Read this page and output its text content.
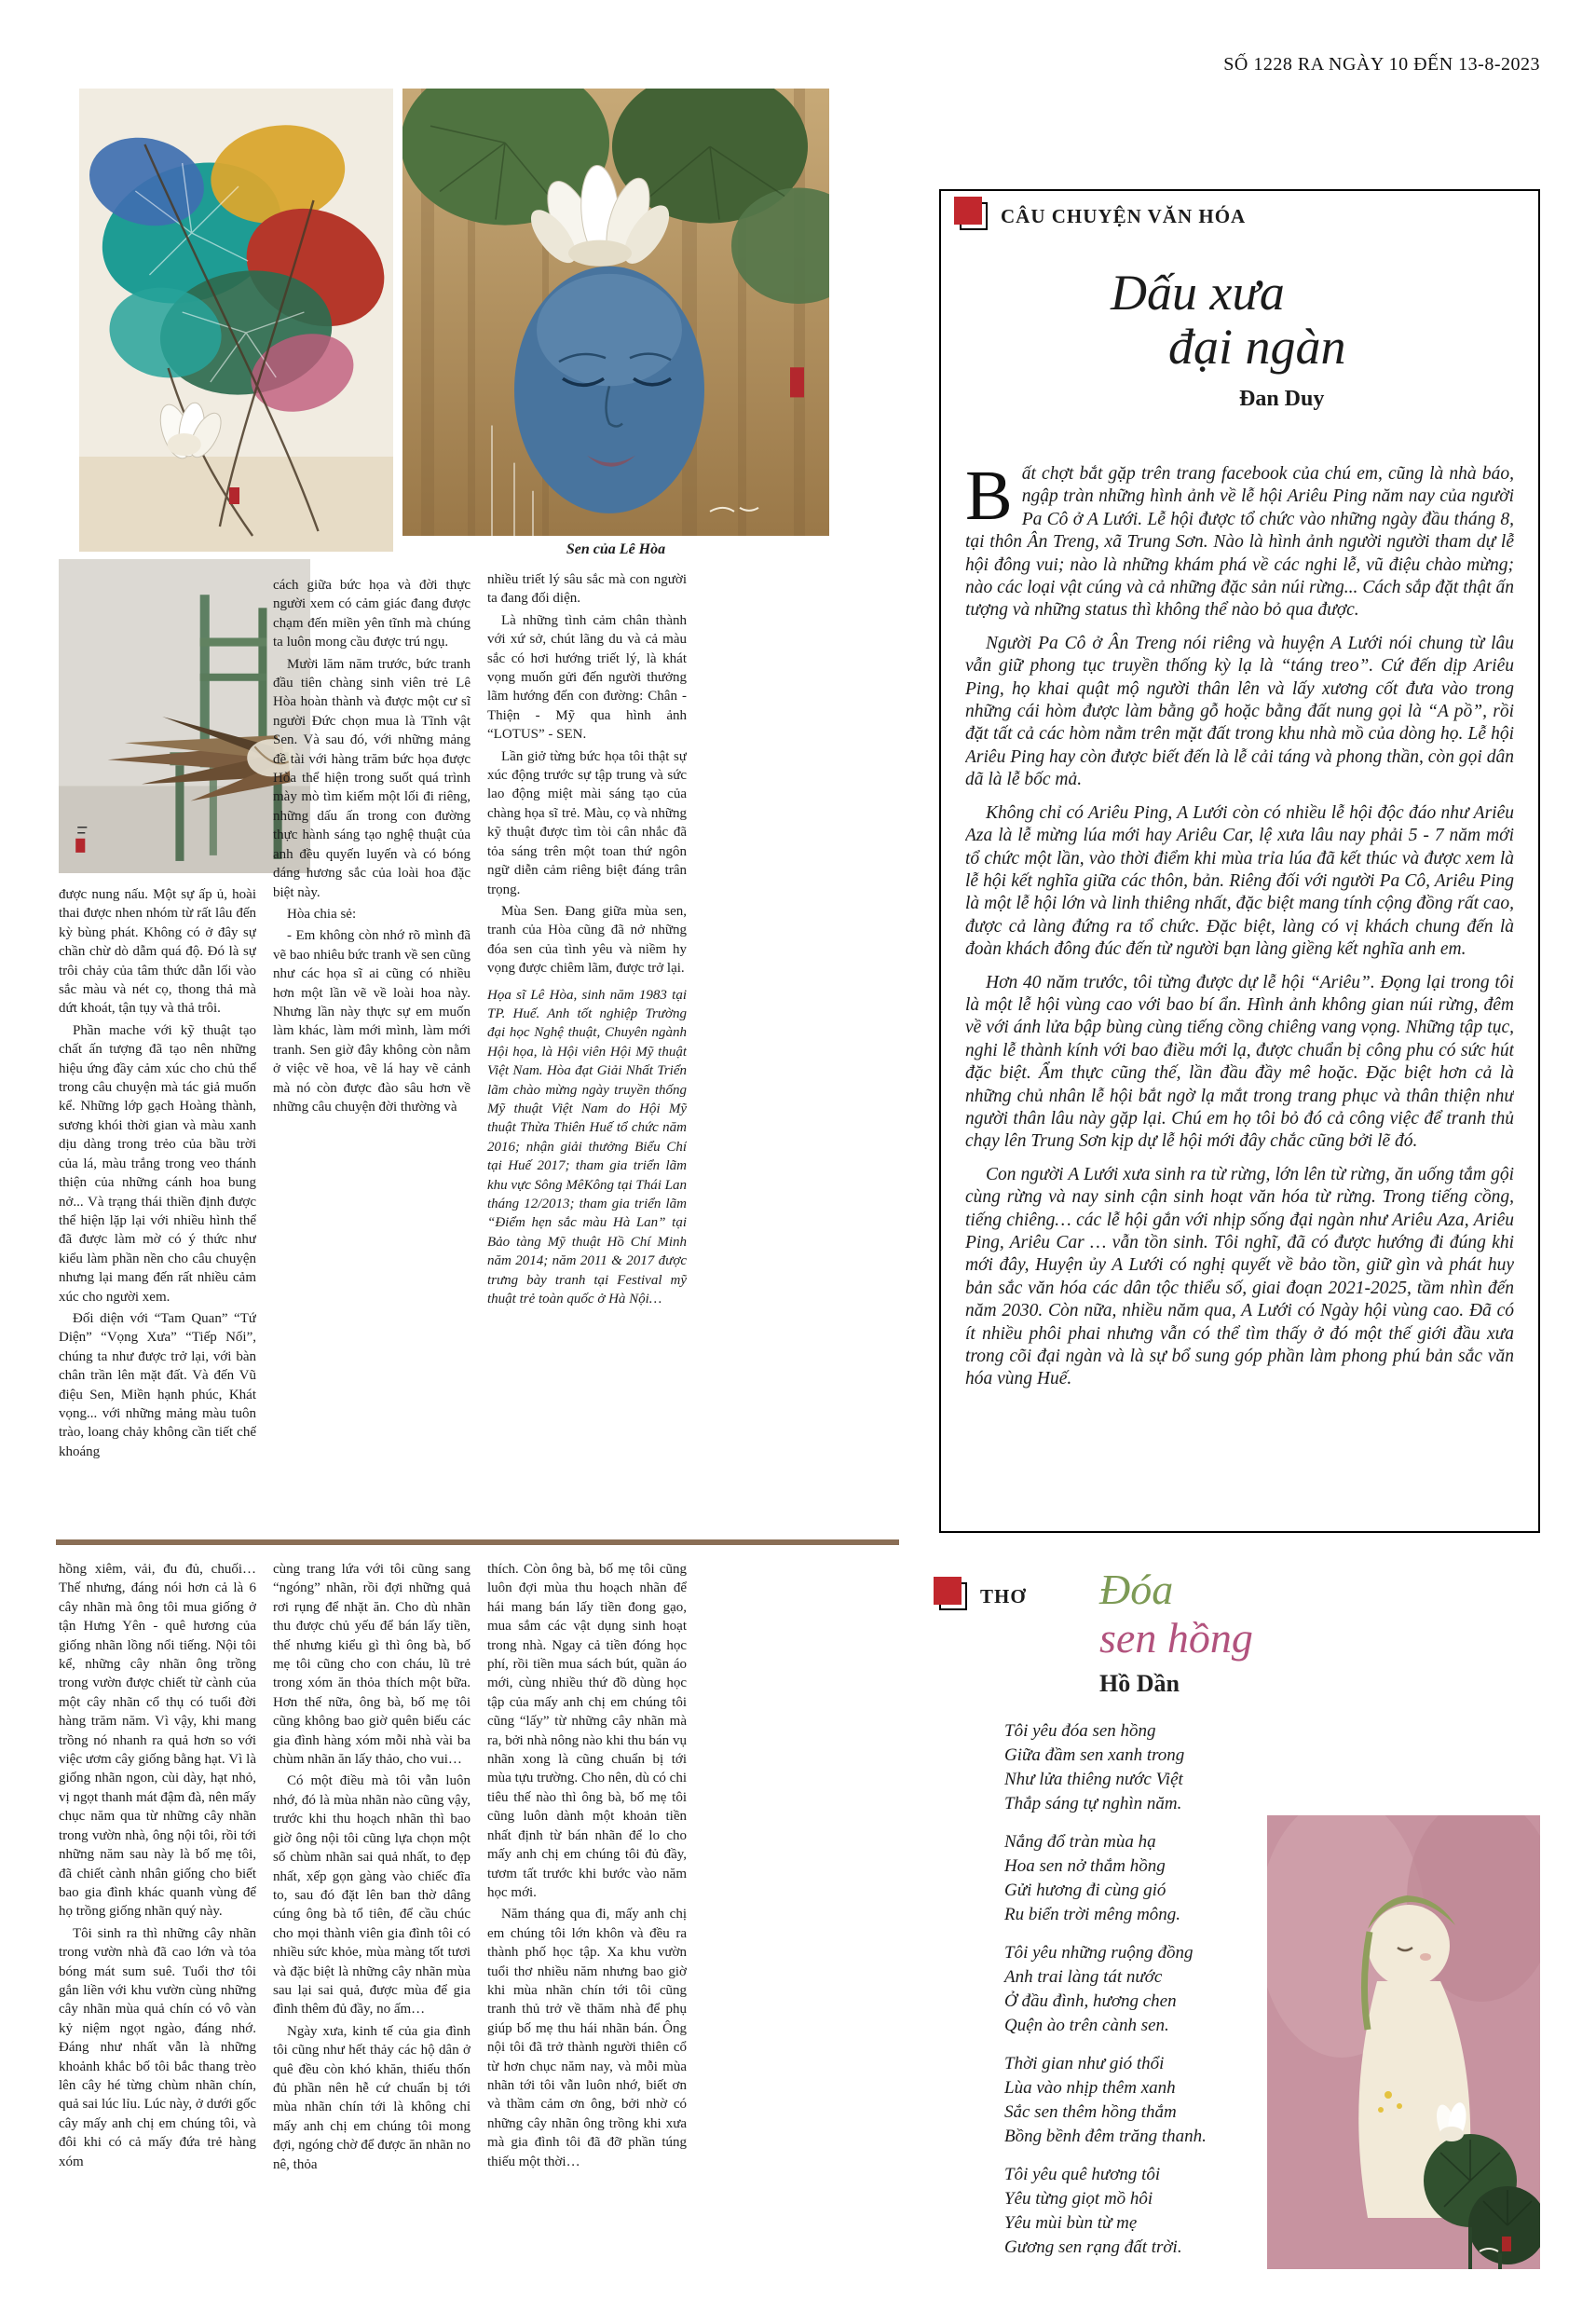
SỐ 1228 RA NGÀY 10 ĐẾN 13-8-2023
Sen của Lê Hòa

được nung nấu. Một sự ấp ủ, hoài thai được nhen nhóm từ rất lâu đến kỳ bùng phát. Không có ở đây sự chần chừ dò dẫm quá độ. Đó là sự trôi chảy của tâm thức dẫn lối vào sắc màu và nét cọ, thong thả mà dứt khoát, tận tụy và thả trôi.

Phần mache với kỹ thuật tạo chất ấn tượng đã tạo nên những hiệu ứng đầy cảm xúc cho chủ thể trong câu chuyện mà tác giả muốn kể. Những lớp gạch Hoàng thành, sương khói thời gian và màu xanh dịu dàng trong trẻo của bầu trời của lá, màu trắng trong veo thánh thiện của những cánh hoa bung nở... Và trạng thái thiền định được thể hiện lặp lại với nhiều hình thể đã được làm mờ có ý thức như kiểu làm phần nền cho câu chuyện nhưng lại mang đến rất nhiều cảm xúc cho người xem.

Đối diện với “Tam Quan” “Tứ Diện” “Vọng Xưa” “Tiếp Nối”, chúng ta như được trở lại, với bàn chân trần lên mặt đất. Và đến Vũ điệu Sen, Miền hạnh phúc, Khát vọng... với những mảng màu tuôn trào, loang chảy không cần tiết chế khoáng

cách giữa bức họa và đời thực người xem có cảm giác đang được chạm đến miền yên tĩnh mà chúng ta luôn mong cầu được trú ngụ.

Mười lăm năm trước, bức tranh đầu tiên chàng sinh viên trẻ Lê Hòa hoàn thành và được một cư sĩ người Đức chọn mua là Tĩnh vật Sen. Và sau đó, với những mảng đề tài với hàng trăm bức họa được Hòa thể hiện trong suốt quá trình mày mò tìm kiếm một lối đi riêng, những dấu ấn trong con đường thực hành sáng tạo nghệ thuật của anh đều quyến luyến và có bóng dáng hương sắc của loài hoa đặc biệt này.

Hòa chia sẻ:

- Em không còn nhớ rõ mình đã vẽ bao nhiêu bức tranh về sen cũng như các họa sĩ ai cũng có nhiều hơn một lần vẽ về loài hoa này. Nhưng lần này thực sự em muốn làm khác, làm mới mình, làm mới tranh. Sen giờ đây không còn nằm ở việc vẽ hoa, vẽ lá hay vẽ cảnh mà nó còn được đào sâu hơn về những câu chuyện đời thường và

nhiều triết lý sâu sắc mà con người ta đang đối diện.

Là những tình cảm chân thành với xứ sở, chút lãng du và cả màu sắc có hơi hướng triết lý, là khát vọng muốn gửi đến người thưởng lãm hướng đến con đường: Chân - Thiện - Mỹ qua hình ảnh “LOTUS” - SEN.

Lần giở từng bức họa tôi thật sự xúc động trước sự tập trung và sức lao động miệt mài sáng tạo của chàng họa sĩ trẻ. Màu, cọ và những kỹ thuật được tìm tòi cân nhắc đã tỏa sáng trên một toan thứ ngôn ngữ diễn cảm riêng biệt đáng trân trọng.

Mùa Sen. Đang giữa mùa sen, tranh của Hòa cũng đã nở những đóa sen của tình yêu và niềm hy vọng được chiêm lãm, được trở lại.

Họa sĩ Lê Hòa, sinh năm 1983 tại TP. Huế. Anh tốt nghiệp Trường đại học Nghệ thuật, Chuyên ngành Hội họa, là Hội viên Hội Mỹ thuật Việt Nam. Hòa đạt Giải Nhất Triển lãm chào mừng ngày truyền thống Mỹ thuật Việt Nam do Hội Mỹ thuật Thừa Thiên Huế tổ chức năm 2016; nhận giải thưởng Biểu Chí tại Huế 2017; tham gia triển lãm khu vực Sông MêKông tại Thái Lan tháng 12/2013; tham gia triển lãm “Điểm hẹn sắc màu Hà Lan” tại Bảo tàng Mỹ thuật Hồ Chí Minh năm 2014; năm 2011 & 2017 được trưng bày tranh tại Festival mỹ thuật trẻ toàn quốc ở Hà Nội…

CÂU CHUYỆN VĂN HÓA
Dấu xưa
đại ngàn
Đan Duy

Bất chợt bắt gặp trên trang facebook của chú em, cũng là nhà báo, ngập tràn những hình ảnh về lễ hội Ariêu Ping năm nay của người Pa Cô ở A Lưới. Lễ hội được tổ chức vào những ngày đầu tháng 8, tại thôn Ân Treng, xã Trung Sơn. Nào là hình ảnh người người tham dự lễ hội đông vui; nào là những khám phá về các nghi lễ, vũ điệu chào mừng; nào các loại vật cúng và cả những đặc sản núi rừng... Cách sắp đặt thật ấn tượng và những status thì không thể nào bỏ qua được.

Người Pa Cô ở Ân Treng nói riêng và huyện A Lưới nói chung từ lâu vẫn giữ phong tục truyền thống kỳ lạ là “táng treo”. Cứ đến dịp Ariêu Ping, họ khai quật mộ người thân lên và lấy xương cốt đưa vào trong những cái hòm được làm bằng gỗ hoặc bằng đất nung gọi là “A pồ”, rồi đặt tất cả các hòm nằm trên mặt đất trong khu nhà mồ của dòng họ. Lễ hội Ariêu Ping hay còn được biết đến là lễ cải táng và phong thần, còn gọi dân dã là lễ bốc mả.

Không chỉ có Ariêu Ping, A Lưới còn có nhiều lễ hội độc đáo như Ariêu Aza là lễ mừng lúa mới hay Ariêu Car, lệ xưa lâu nay phải 5 - 7 năm mới tổ chức một lần, vào thời điểm khi mùa trỉa lúa đã kết thúc và được xem là lễ hội kết nghĩa giữa các thôn, bản. Riêng đối với người Pa Cô, Ariêu Ping là một lễ hội lớn và linh thiêng nhất, đặc biệt mang tính cộng đồng rất cao, được cả làng đứng ra tổ chức. Đặc biệt, làng có vị khách chung đến là đoàn khách đông đúc đến từ người bạn làng giềng kết nghĩa anh em.

Hơn 40 năm trước, tôi từng được dự lễ hội “Ariêu”. Đọng lại trong tôi là một lễ hội vùng cao với bao bí ẩn. Hình ảnh không gian núi rừng, đêm về với ánh lửa bập bùng cùng tiếng cồng chiêng vang vọng. Những tập tục, nghi lễ thành kính với bao điều mới lạ, được chuẩn bị công phu có sức hút đặc biệt. Ẩm thực cũng thế, lần đầu đầy mê hoặc. Đặc biệt hơn cả là những chủ nhân lễ hội bắt ngờ lạ mắt trong trang phục và thân thiện như người thân lâu này gặp lại. Chú em họ tôi bỏ đó cả công việc để tranh thủ chạy lên Trung Sơn kịp dự lễ hội mới đây chắc cũng bởi lẽ đó.

Con người A Lưới xưa sinh ra từ rừng, lớn lên từ rừng, ăn uống tắm gội cùng rừng và nay sinh cận sinh hoạt văn hóa từ rừng. Trong tiếng cồng, tiếng chiêng… các lễ hội gắn với nhịp sống đại ngàn như Ariêu Aza, Ariêu Ping, Ariêu Car … vẫn tồn sinh. Tôi nghĩ, đã có được hướng đi đúng khi mới đây, Huyện ủy A Lưới có nghị quyết về bảo tồn, giữ gìn và phát huy bản sắc văn hóa các dân tộc thiểu số, giai đoạn 2021-2025, tầm nhìn đến năm 2030. Còn nữa, nhiều năm qua, A Lưới có Ngày hội vùng cao. Đã có ít nhiều phôi phai nhưng vẫn có thể tìm thấy ở đó một thế giới đầu xưa trong cõi đại ngàn và là sự bổ sung góp phần làm phong phú bản sắc văn hóa vùng Huế.

hồng xiêm, vải, đu đủ, chuối… Thế nhưng, đáng nói hơn cả là 6 cây nhãn mà ông tôi mua giống ở tận Hưng Yên - quê hương của giống nhãn lồng nổi tiếng. Nội tôi kể, những cây nhãn ông trồng trong vườn được chiết từ cành của một cây nhãn cổ thụ có tuổi đời hàng trăm năm. Vì vậy, khi mang trồng nó nhanh ra quả hơn so với việc ươm cây giống bằng hạt. Vì là giống nhãn ngon, cùi dày, hạt nhỏ, vị ngọt thanh mát đậm đà, nên mấy chục năm qua từ những cây nhãn trong vườn nhà, ông nội tôi, rồi tới những năm sau này là bố mẹ tôi, đã chiết cành nhân giống cho biết bao gia đình khác quanh vùng để họ trồng giống nhãn quý này.

Tôi sinh ra thì những cây nhãn trong vườn nhà đã cao lớn và tỏa bóng mát sum suê. Tuổi thơ tôi gắn liền với khu vườn cùng những cây nhãn mùa quả chín có vô vàn kỷ niệm ngọt ngào, đáng nhớ. Đáng như nhất vẫn là những khoảnh khắc bố tôi bắc thang trèo lên cây hé từng chùm nhãn chín, quả sai lúc lỉu. Lúc này, ở dưới gốc cây mấy anh chị em chúng tôi, và đôi khi có cả mấy đứa trẻ hàng xóm

cùng trang lứa với tôi cũng sang “ngóng” nhãn, rồi đợi những quả rơi rụng để nhặt ăn. Cho dù nhãn thu được chủ yếu để bán lấy tiền, thế nhưng kiểu gì thì ông bà, bố mẹ tôi cũng cho con cháu, lũ trẻ trong xóm ăn thỏa thích một bữa. Hơn thế nữa, ông bà, bố mẹ tôi cũng không bao giờ quên biếu các gia đình hàng xóm mỗi nhà vài ba chùm nhãn ăn lấy thảo, cho vui…

Có một điều mà tôi vẫn luôn nhớ, đó là mùa nhãn nào cũng vậy, trước khi thu hoạch nhãn thì bao giờ ông nội tôi cũng lựa chọn một số chùm nhãn sai quả nhất, to đẹp nhất, xếp gọn gàng vào chiếc đĩa to, sau đó đặt lên ban thờ dâng cúng ông bà tổ tiên, để cầu chúc cho mọi thành viên gia đình tôi có nhiều sức khỏe, mùa màng tốt tươi và đặc biệt là những cây nhãn mùa sau lại sai quả, được mùa để gia đình thêm đủ đầy, no ấm…

Ngày xưa, kinh tế của gia đình tôi cũng như hết thảy các hộ dân ở quê đều còn khó khăn, thiếu thốn đủ phần nên hễ cứ chuẩn bị tới mùa nhãn chín tới là không chỉ mấy anh chị em chúng tôi mong đợi, ngóng chờ để được ăn nhãn no nê, thỏa

thích. Còn ông bà, bố mẹ tôi cũng luôn đợi mùa thu hoạch nhãn để hái mang bán lấy tiền đong gạo, mua sắm các vật dụng sinh hoạt trong nhà. Ngay cả tiền đóng học phí, rồi tiền mua sách bút, quần áo mới, cùng nhiều thứ đồ dùng học tập của mấy anh chị em chúng tôi cũng “lấy” từ những cây nhãn mà ra, bởi nhà nông nào khi thu bán vụ nhãn xong là cũng chuẩn bị tới mùa tựu trường. Cho nên, dù có chi tiêu thế nào thì ông bà, bố mẹ tôi cũng luôn dành một khoản tiền nhất định từ bán nhãn để lo cho mấy anh chị em chúng tôi đủ đầy, tươm tất trước khi bước vào năm học mới.

Năm tháng qua đi, mấy anh chị em chúng tôi lớn khôn và đều ra thành phố học tập. Xa khu vườn tuổi thơ nhiều năm nhưng bao giờ khi mùa nhãn chín tới tôi cũng tranh thủ trở về thăm nhà để phụ giúp bố mẹ thu hái nhãn bán. Ông nội tôi đã trở thành người thiên cổ từ hơn chục năm nay, và mỗi mùa nhãn tới tôi vẫn luôn nhớ, biết ơn và thầm cảm ơn ông, bởi nhờ có những cây nhãn ông trồng khi xưa mà gia đình tôi đã đỡ phần túng thiếu một thời…

THƠ Đóa
sen hồng
Hồ Dần
Tôi yêu đóa sen hồng
Giữa đầm sen xanh trong
Như lửa thiêng nước Việt
Thắp sáng tự nghìn năm.
Nắng đổ tràn mùa hạ
Hoa sen nở thắm hồng
Gửi hương đi cùng gió
Ru biển trời mêng mông.
Tôi yêu những ruộng đồng
Anh trai làng tát nước
Ở đầu đình, hương chen
Quện ào trên cành sen.
Thời gian như gió thổi
Lùa vào nhịp thêm xanh
Sắc sen thêm hồng thắm
Bồng bềnh đêm trăng thanh.
Tôi yêu quê hương tôi
Yêu từng giọt mồ hôi
Yêu mùi bùn từ mẹ
Gương sen rạng đất trời.
